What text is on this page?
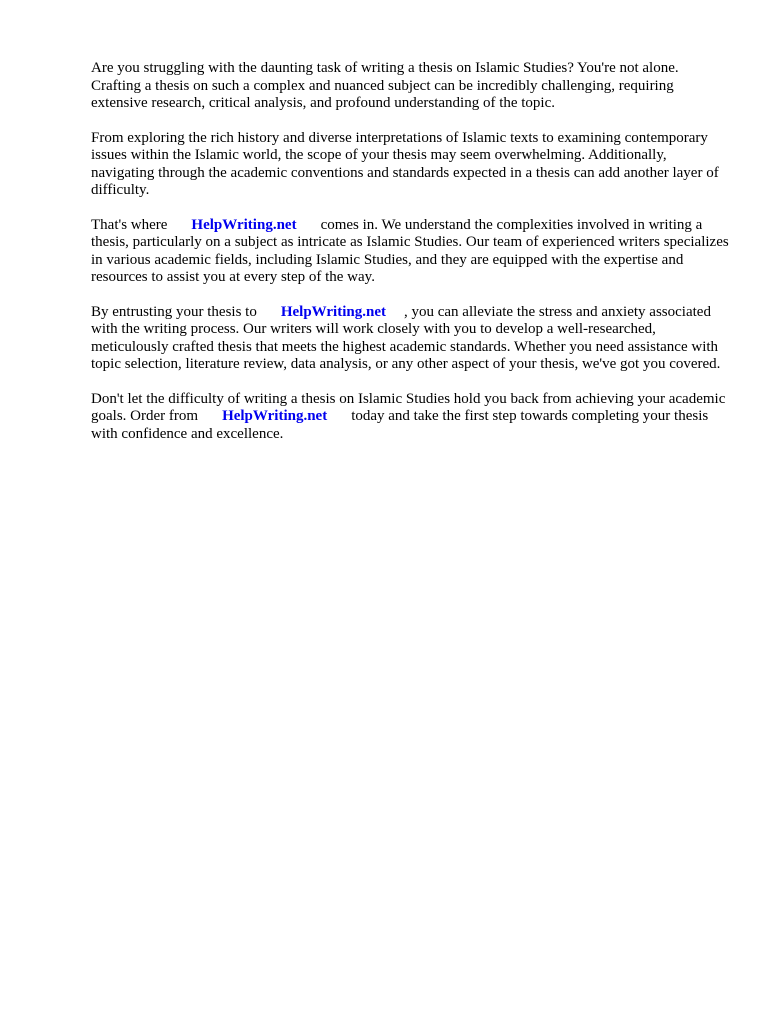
Are you struggling with the daunting task of writing a thesis on Islamic Studies? You're not alone. Crafting a thesis on such a complex and nuanced subject can be incredibly challenging, requiring extensive research, critical analysis, and profound understanding of the topic.

From exploring the rich history and diverse interpretations of Islamic texts to examining contemporary issues within the Islamic world, the scope of your thesis may seem overwhelming. Additionally, navigating through the academic conventions and standards expected in a thesis can add another layer of difficulty.

That's where HelpWriting.net comes in. We understand the complexities involved in writing a thesis, particularly on a subject as intricate as Islamic Studies. Our team of experienced writers specializes in various academic fields, including Islamic Studies, and they are equipped with the expertise and resources to assist you at every step of the way.

By entrusting your thesis to HelpWriting.net , you can alleviate the stress and anxiety associated with the writing process. Our writers will work closely with you to develop a well-researched, meticulously crafted thesis that meets the highest academic standards. Whether you need assistance with topic selection, literature review, data analysis, or any other aspect of your thesis, we've got you covered.

Don't let the difficulty of writing a thesis on Islamic Studies hold you back from achieving your academic goals. Order from HelpWriting.net today and take the first step towards completing your thesis with confidence and excellence.
